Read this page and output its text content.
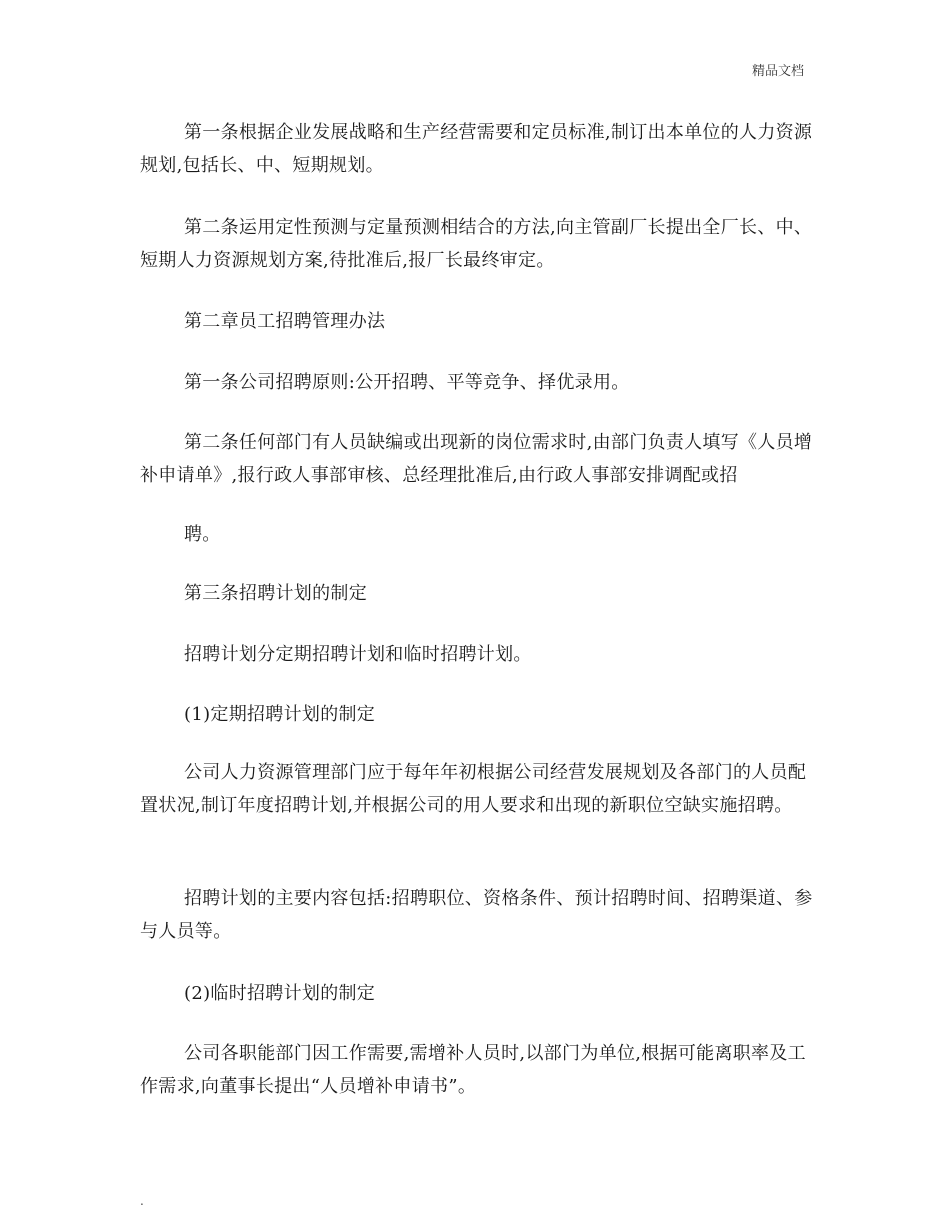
精品文档

第一条根据企业发展战略和生产经营需要和定员标准,制订出本单位的人力资源规划,包括长、中、短期规划。

第二条运用定性预测与定量预测相结合的方法,向主管副厂长提出全厂长、中、短期人力资源规划方案,待批准后,报厂长最终审定。

第二章员工招聘管理办法

第一条公司招聘原则:公开招聘、平等竞争、择优录用。

第二条任何部门有人员缺编或出现新的岗位需求时,由部门负责人填写《人员增补申请单》,报行政人事部审核、总经理批准后,由行政人事部安排调配或招

聘。

第三条招聘计划的制定

招聘计划分定期招聘计划和临时招聘计划。

(1)定期招聘计划的制定

公司人力资源管理部门应于每年年初根据公司经营发展规划及各部门的人员配置状况,制订年度招聘计划,并根据公司的用人要求和出现的新职位空缺实施招聘。

招聘计划的主要内容包括:招聘职位、资格条件、预计招聘时间、招聘渠道、参与人员等。

(2)临时招聘计划的制定

公司各职能部门因工作需要,需增补人员时,以部门为单位,根据可能离职率及工作需求,向董事长提出“人员增补申请书”。

.
